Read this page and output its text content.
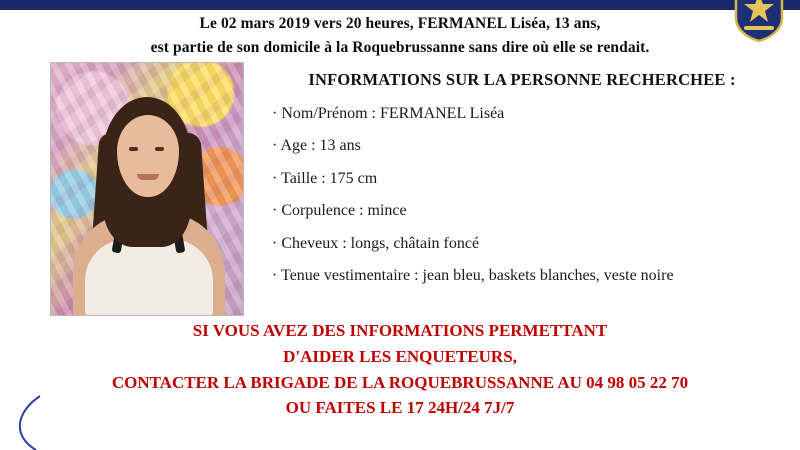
Le 02 mars 2019 vers 20 heures, FERMANEL Liséa, 13 ans,
est partie de son domicile à la Roquebrussanne sans dire où elle se rendait.
INFORMATIONS SUR LA PERSONNE RECHERCHEE :
· Nom/Prénom : FERMANEL Liséa
· Age : 13 ans
· Taille : 175 cm
· Corpulence : mince
· Cheveux : longs, châtain foncé
· Tenue vestimentaire : jean bleu, baskets blanches, veste noire
SI VOUS AVEZ DES INFORMATIONS PERMETTANT
D'AIDER LES ENQUETEURS,
CONTACTER LA BRIGADE DE LA ROQUEBRUSSANNE AU 04 98 05 22 70
OU FAITES LE 17 24H/24 7J/7
